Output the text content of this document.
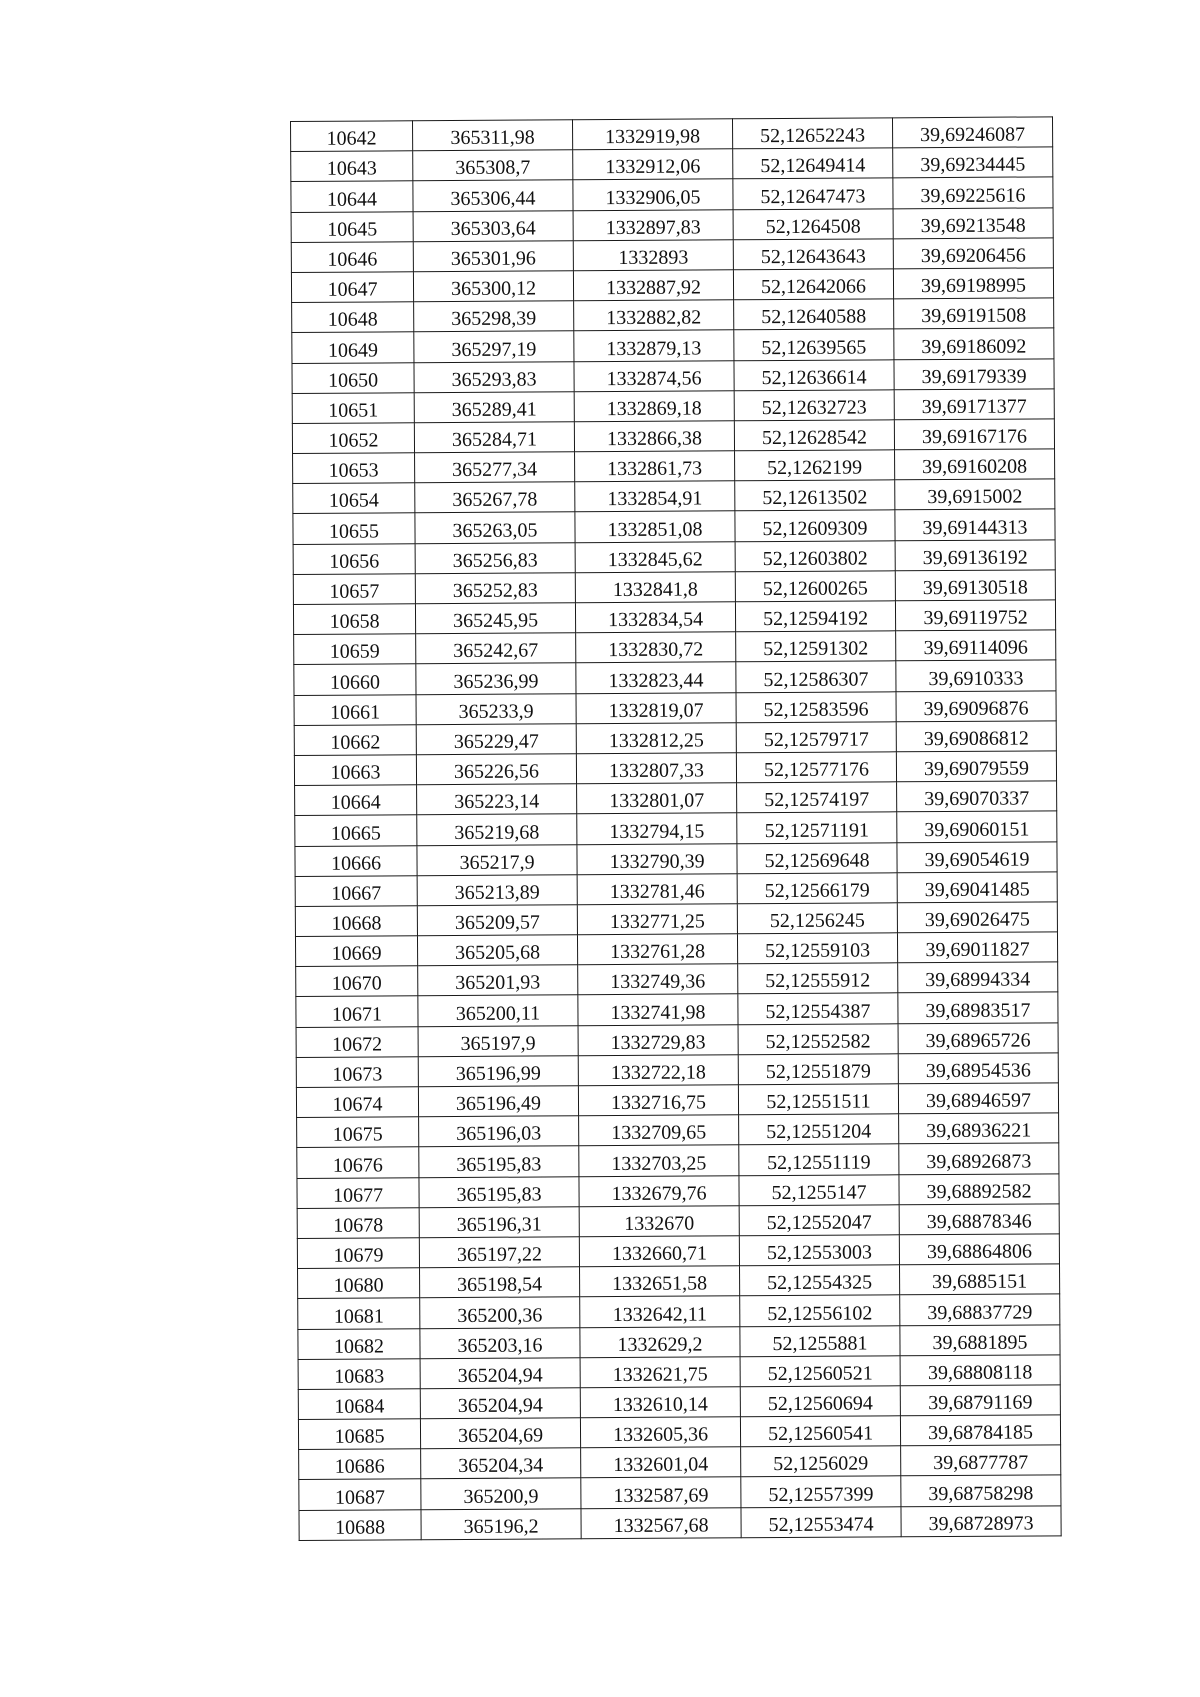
10642	365311,98	1332919,98	52,12652243	39,69246087
10643	365308,7	1332912,06	52,12649414	39,69234445
10644	365306,44	1332906,05	52,12647473	39,69225616
10645	365303,64	1332897,83	52,1264508	39,69213548
10646	365301,96	1332893	52,12643643	39,69206456
10647	365300,12	1332887,92	52,12642066	39,69198995
10648	365298,39	1332882,82	52,12640588	39,69191508
10649	365297,19	1332879,13	52,12639565	39,69186092
10650	365293,83	1332874,56	52,12636614	39,69179339
10651	365289,41	1332869,18	52,12632723	39,69171377
10652	365284,71	1332866,38	52,12628542	39,69167176
10653	365277,34	1332861,73	52,1262199	39,69160208
10654	365267,78	1332854,91	52,12613502	39,6915002
10655	365263,05	1332851,08	52,12609309	39,69144313
10656	365256,83	1332845,62	52,12603802	39,69136192
10657	365252,83	1332841,8	52,12600265	39,69130518
10658	365245,95	1332834,54	52,12594192	39,69119752
10659	365242,67	1332830,72	52,12591302	39,69114096
10660	365236,99	1332823,44	52,12586307	39,6910333
10661	365233,9	1332819,07	52,12583596	39,69096876
10662	365229,47	1332812,25	52,12579717	39,69086812
10663	365226,56	1332807,33	52,12577176	39,69079559
10664	365223,14	1332801,07	52,12574197	39,69070337
10665	365219,68	1332794,15	52,12571191	39,69060151
10666	365217,9	1332790,39	52,12569648	39,69054619
10667	365213,89	1332781,46	52,12566179	39,69041485
10668	365209,57	1332771,25	52,1256245	39,69026475
10669	365205,68	1332761,28	52,12559103	39,69011827
10670	365201,93	1332749,36	52,12555912	39,68994334
10671	365200,11	1332741,98	52,12554387	39,68983517
10672	365197,9	1332729,83	52,12552582	39,68965726
10673	365196,99	1332722,18	52,12551879	39,68954536
10674	365196,49	1332716,75	52,12551511	39,68946597
10675	365196,03	1332709,65	52,12551204	39,68936221
10676	365195,83	1332703,25	52,12551119	39,68926873
10677	365195,83	1332679,76	52,1255147	39,68892582
10678	365196,31	1332670	52,12552047	39,68878346
10679	365197,22	1332660,71	52,12553003	39,68864806
10680	365198,54	1332651,58	52,12554325	39,6885151
10681	365200,36	1332642,11	52,12556102	39,68837729
10682	365203,16	1332629,2	52,1255881	39,6881895
10683	365204,94	1332621,75	52,12560521	39,68808118
10684	365204,94	1332610,14	52,12560694	39,68791169
10685	365204,69	1332605,36	52,12560541	39,68784185
10686	365204,34	1332601,04	52,1256029	39,6877787
10687	365200,9	1332587,69	52,12557399	39,68758298
10688	365196,2	1332567,68	52,12553474	39,68728973
